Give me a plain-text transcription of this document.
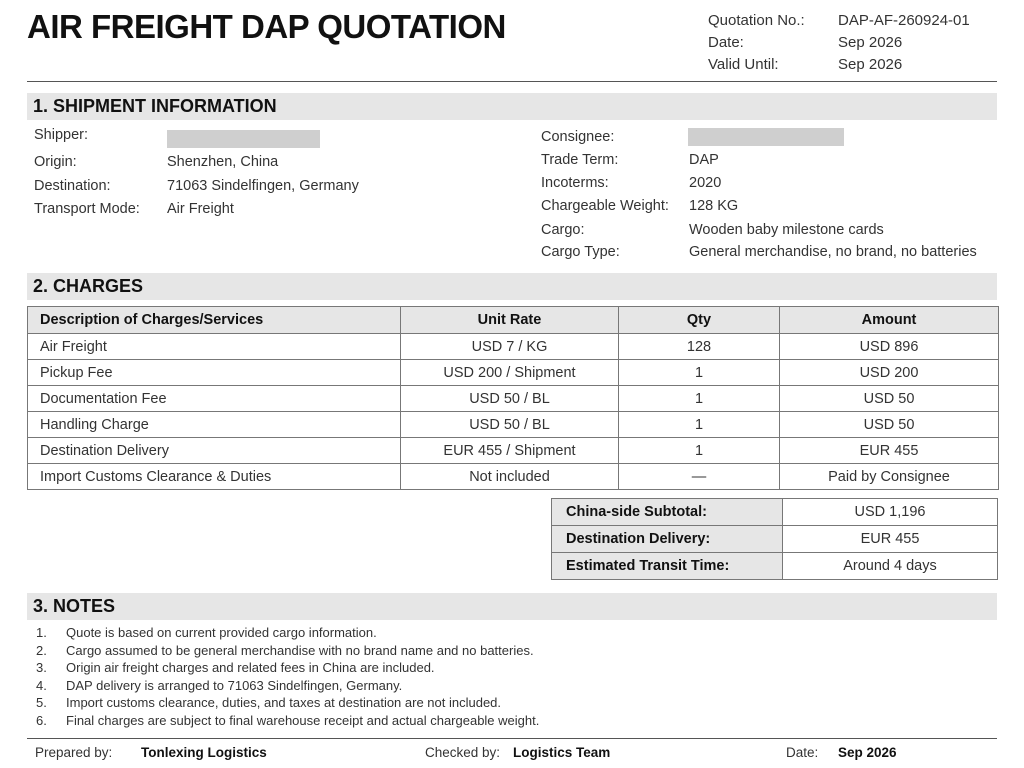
AIR FREIGHT DAP QUOTATION	Quotation No.: DAP-AF-260924-01
Date:	Sep 2026
Valid Until:	Sep 2026
1. SHIPMENT INFORMATION
Shipper:
Origin:	Shenzhen, China
Destination:	71063 Sindelfingen, Germany
Transport Mode: Air Freight
Consignee:
Trade Term:	DAP
Incoterms:	2020
Chargeable Weight: 128 KG
Cargo:	Wooden baby milestone cards
Cargo Type:	General merchandise, no brand, no batteries
2. CHARGES
Description of Charges/Services	Unit Rate	Qty	Amount
Air Freight	USD 7 / KG	128	USD 896
Pickup Fee	USD 200 / Shipment	1	USD 200
Documentation Fee	USD 50 / BL	1	USD 50
Handling Charge	USD 50 / BL	1	USD 50
Destination Delivery	EUR 455 / Shipment	1	EUR 455
Import Customs Clearance & Duties	Not included	—	Paid by Consignee
China-side Subtotal:	USD 1,196
Destination Delivery:	EUR 455
Estimated Transit Time:	Around 4 days
3. NOTES
1. Quote is based on current provided cargo information.
2. Cargo assumed to be general merchandise with no brand name and no batteries.
3. Origin air freight charges and related fees in China are included.
4. DAP delivery is arranged to 71063 Sindelfingen, Germany.
5. Import customs clearance, duties, and taxes at destination are not included.
6. Final charges are subject to final warehouse receipt and actual chargeable weight.
Prepared by: Tonlexing Logistics	Checked by: Logistics Team	Date: Sep 2026
